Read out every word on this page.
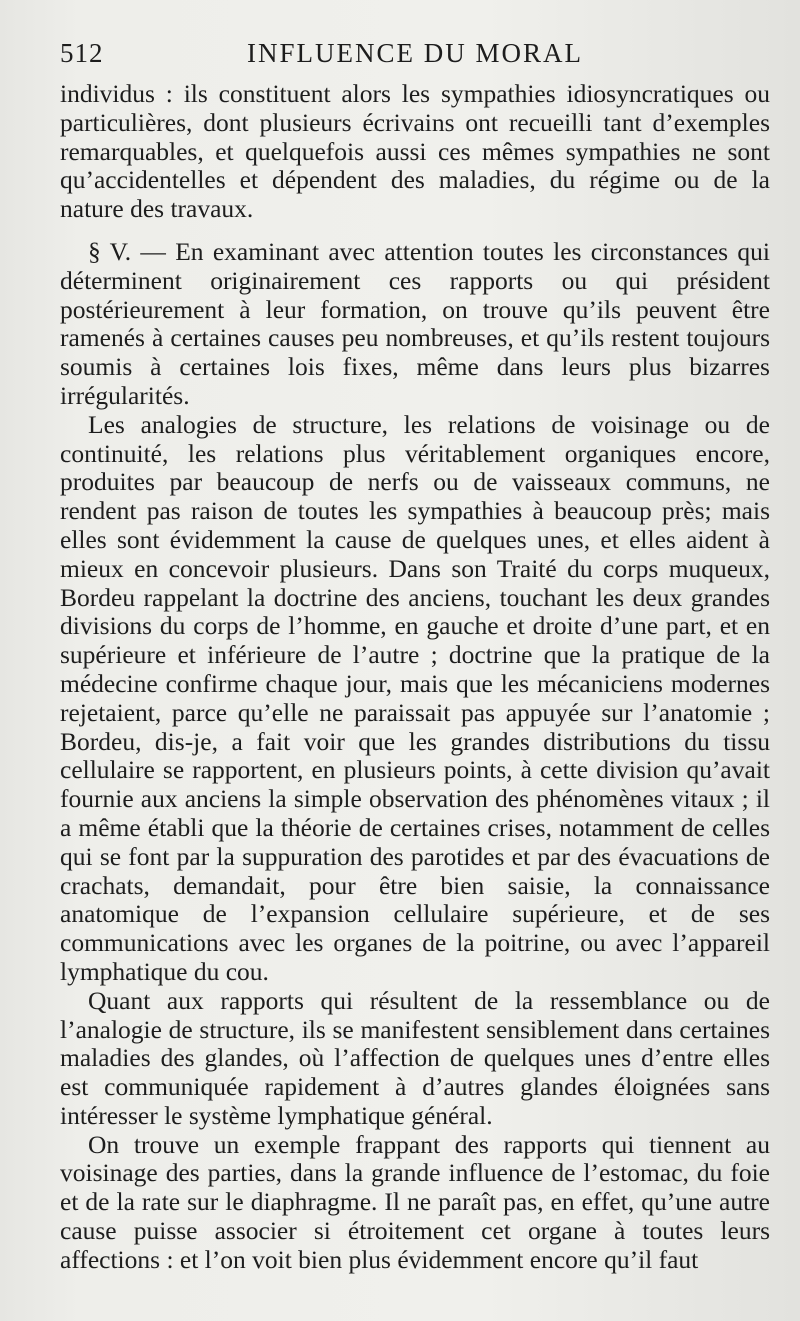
512	INFLUENCE DU MORAL

individus : ils constituent alors les sympathies idiosyncratiques ou particulières, dont plusieurs écrivains ont recueilli tant d’exemples remarquables, et quelquefois aussi ces mêmes sympathies ne sont qu’accidentelles et dépendent des maladies, du régime ou de la nature des travaux.

§ V. — En examinant avec attention toutes les circonstances qui déterminent originairement ces rapports ou qui président postérieurement à leur formation, on trouve qu’ils peuvent être ramenés à certaines causes peu nombreuses, et qu’ils restent toujours soumis à certaines lois fixes, même dans leurs plus bizarres irrégularités.

Les analogies de structure, les relations de voisinage ou de continuité, les relations plus véritablement organiques encore, produites par beaucoup de nerfs ou de vaisseaux communs, ne rendent pas raison de toutes les sympathies à beaucoup près; mais elles sont évidemment la cause de quelques unes, et elles aident à mieux en concevoir plusieurs. Dans son Traité du corps muqueux, Bordeu rappelant la doctrine des anciens, touchant les deux grandes divisions du corps de l’homme, en gauche et droite d’une part, et en supérieure et inférieure de l’autre ; doctrine que la pratique de la médecine confirme chaque jour, mais que les mécaniciens modernes rejetaient, parce qu’elle ne paraissait pas appuyée sur l’anatomie ; Bordeu, dis-je, a fait voir que les grandes distributions du tissu cellulaire se rapportent, en plusieurs points, à cette division qu’avait fournie aux anciens la simple observation des phénomènes vitaux ; il a même établi que la théorie de certaines crises, notamment de celles qui se font par la suppuration des parotides et par des évacuations de crachats, demandait, pour être bien saisie, la connaissance anatomique de l’expansion cellulaire supérieure, et de ses communications avec les organes de la poitrine, ou avec l’appareil lymphatique du cou.

Quant aux rapports qui résultent de la ressemblance ou de l’analogie de structure, ils se manifestent sensiblement dans certaines maladies des glandes, où l’affection de quelques unes d’entre elles est communiquée rapidement à d’autres glandes éloignées sans intéresser le système lymphatique général.

On trouve un exemple frappant des rapports qui tiennent au voisinage des parties, dans la grande influence de l’estomac, du foie et de la rate sur le diaphragme. Il ne paraît pas, en effet, qu’une autre cause puisse associer si étroitement cet organe à toutes leurs affections : et l’on voit bien plus évidemment encore qu’il faut
